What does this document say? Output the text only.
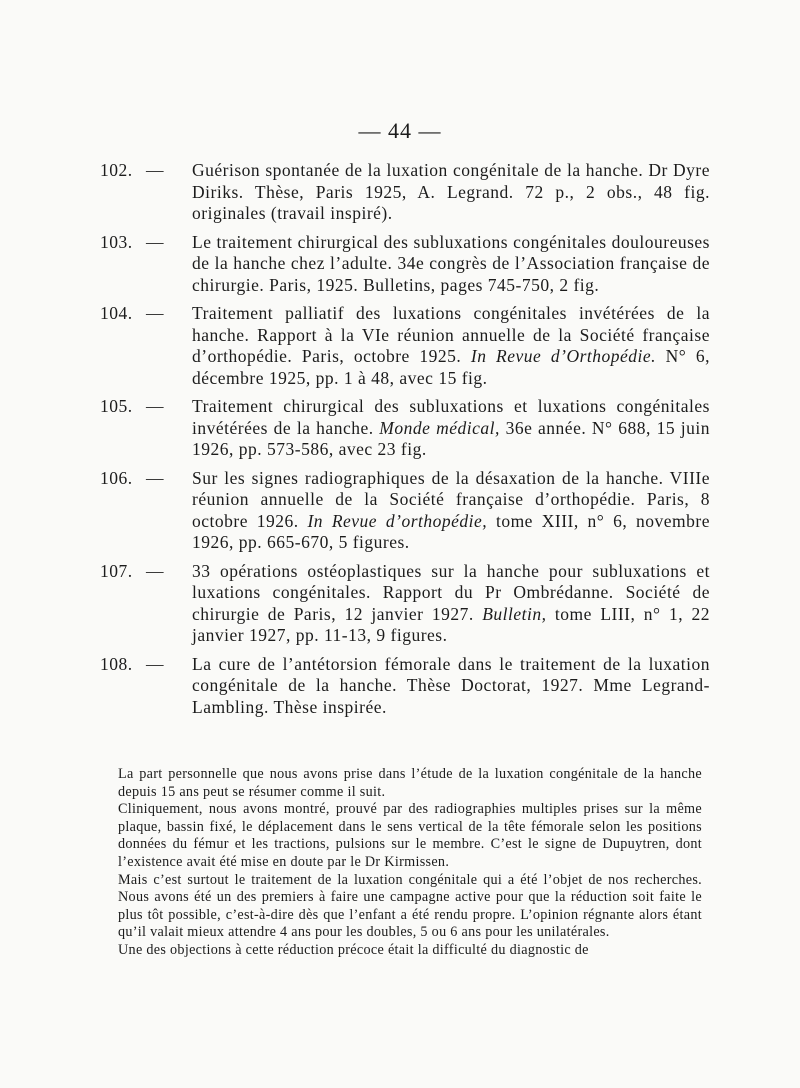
— 44 —
102. — Guérison spontanée de la luxation congénitale de la hanche. Dr Dyre Diriks. Thèse, Paris 1925, A. Legrand. 72 p., 2 obs., 48 fig. originales (travail inspiré).
103. — Le traitement chirurgical des subluxations congénitales douloureuses de la hanche chez l’adulte. 34e congrès de l’Association française de chirurgie. Paris, 1925. Bulletins, pages 745-750, 2 fig.
104. — Traitement palliatif des luxations congénitales invétérées de la hanche. Rapport à la VIe réunion annuelle de la Société française d’orthopédie. Paris, octobre 1925. In Revue d’Orthopédie. N° 6, décembre 1925, pp. 1 à 48, avec 15 fig.
105. — Traitement chirurgical des subluxations et luxations congénitales invétérées de la hanche. Monde médical, 36e année. N° 688, 15 juin 1926, pp. 573-586, avec 23 fig.
106. — Sur les signes radiographiques de la désaxation de la hanche. VIIIe réunion annuelle de la Société française d’orthopédie. Paris, 8 octobre 1926. In Revue d’orthopédie, tome XIII, n° 6, novembre 1926, pp. 665-670, 5 figures.
107. — 33 opérations ostéoplastiques sur la hanche pour subluxations et luxations congénitales. Rapport du Pr Ombrédanne. Société de chirurgie de Paris, 12 janvier 1927. Bulletin, tome LIII, n° 1, 22 janvier 1927, pp. 11-13, 9 figures.
108. — La cure de l’antétorsion fémorale dans le traitement de la luxation congénitale de la hanche. Thèse Doctorat, 1927. Mme Legrand-Lambling. Thèse inspirée.

La part personnelle que nous avons prise dans l’étude de la luxation congénitale de la hanche depuis 15 ans peut se résumer comme il suit.

Cliniquement, nous avons montré, prouvé par des radiographies multiples prises sur la même plaque, bassin fixé, le déplacement dans le sens vertical de la tête fémorale selon les positions données du fémur et les tractions, pulsions sur le membre. C’est le signe de Dupuytren, dont l’existence avait été mise en doute par le Dr Kirmissen.

Mais c’est surtout le traitement de la luxation congénitale qui a été l’objet de nos recherches. Nous avons été un des premiers à faire une campagne active pour que la réduction soit faite le plus tôt possible, c’est-à-dire dès que l’enfant a été rendu propre. L’opinion régnante alors étant qu’il valait mieux attendre 4 ans pour les doubles, 5 ou 6 ans pour les unilatérales.

Une des objections à cette réduction précoce était la difficulté du diagnostic de
